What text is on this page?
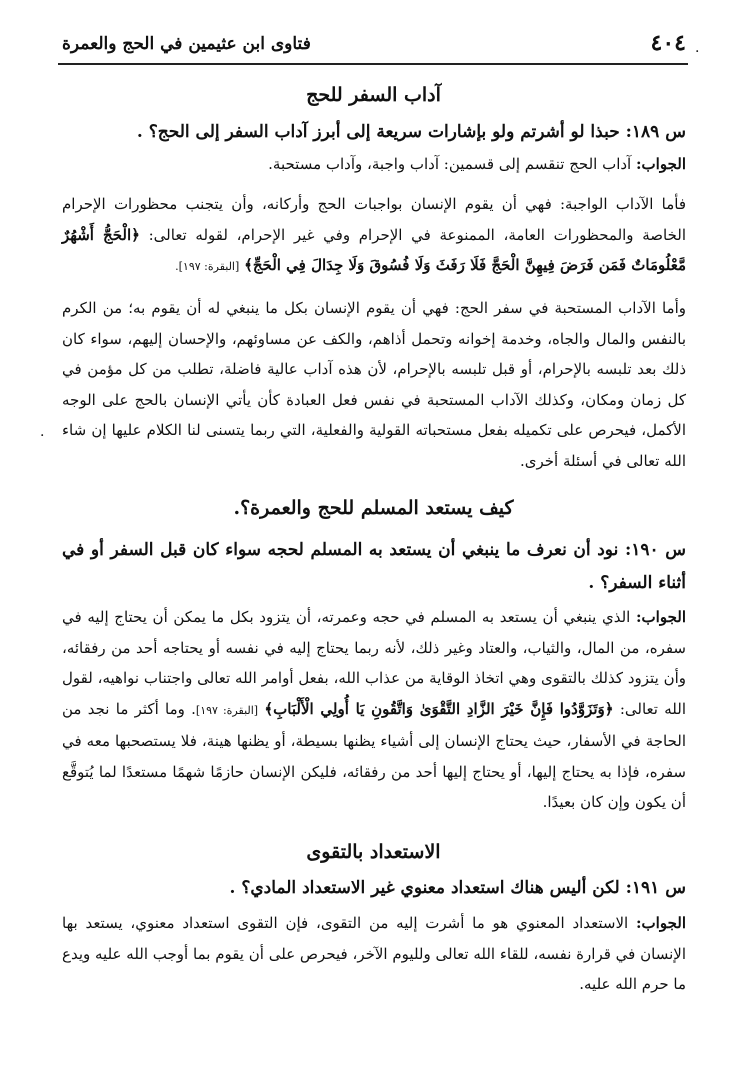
٤٠٤
فتاوى ابن عثيمين في الحج والعمرة
آداب السفر للحج
س ١٨٩: حبذا لو أشرتم ولو بإشارات سريعة إلى أبرز آداب السفر إلى الحج؟ .
الجواب: آداب الحج تنقسم إلى قسمين: آداب واجبة، وآداب مستحبة.
فأما الآداب الواجبة: فهي أن يقوم الإنسان بواجبات الحج وأركانه، وأن يتجنب محظورات الإحرام الخاصة والمحظورات العامة، الممنوعة في الإحرام وفي غير الإحرام، لقوله تعالى: ﴿الْحَجُّ أَشْهُرٌ مَّعْلُومَاتٌ فَمَن فَرَضَ فِيهِنَّ الْحَجَّ فَلَا رَفَثَ وَلَا فُسُوقَ وَلَا جِدَالَ فِي الْحَجِّ﴾ [البقرة: ١٩٧].
وأما الآداب المستحبة في سفر الحج: فهي أن يقوم الإنسان بكل ما ينبغي له أن يقوم به؛ من الكرم بالنفس والمال والجاه، وخدمة إخوانه وتحمل أذاهم، والكف عن مساوئهم، والإحسان إليهم، سواء كان ذلك بعد تلبسه بالإحرام، أو قبل تلبسه بالإحرام، لأن هذه آداب عالية فاضلة، تطلب من كل مؤمن في كل زمان ومكان، وكذلك الآداب المستحبة في نفس فعل العبادة كأن يأتي الإنسان بالحج على الوجه الأكمل، فيحرص على تكميله بفعل مستحباته القولية والفعلية، التي ربما يتسنى لنا الكلام عليها إن شاء الله تعالى في أسئلة أخرى.
كيف يستعد المسلم للحج والعمرة؟.
س ١٩٠: نود أن نعرف ما ينبغي أن يستعد به المسلم لحجه سواء كان قبل السفر أو في أثناء السفر؟ .
الجواب: الذي ينبغي أن يستعد به المسلم في حجه وعمرته، أن يتزود بكل ما يمكن أن يحتاج إليه في سفره، من المال، والثياب، والعتاد وغير ذلك، لأنه ربما يحتاج إليه في نفسه أو يحتاجه أحد من رفقائه، وأن يتزود كذلك بالتقوى وهي اتخاذ الوقاية من عذاب الله، بفعل أوامر الله تعالى واجتناب نواهيه، لقول الله تعالى: ﴿وَتَزَوَّدُوا فَإِنَّ خَيْرَ الزَّادِ التَّقْوَىٰ وَاتَّقُونِ يَا أُولِي الْأَلْبَابِ﴾ [البقرة: ١٩٧]. وما أكثر ما نجد من الحاجة في الأسفار، حيث يحتاج الإنسان إلى أشياء يظنها بسيطة، أو يظنها هينة، فلا يستصحبها معه في سفره، فإذا به يحتاج إليها، أو يحتاج إليها أحد من رفقائه، فليكن الإنسان حازمًا شهمًا مستعدًا لما يُتوقَّع أن يكون وإن كان بعيدًا.
الاستعداد بالتقوى
س ١٩١: لكن أليس هناك استعداد معنوي غير الاستعداد المادي؟ .
الجواب: الاستعداد المعنوي هو ما أشرت إليه من التقوى، فإن التقوى استعداد معنوي، يستعد بها الإنسان في قرارة نفسه، للقاء الله تعالى ولليوم الآخر، فيحرص على أن يقوم بما أوجب الله عليه ويدع ما حرم الله عليه.
·
·
